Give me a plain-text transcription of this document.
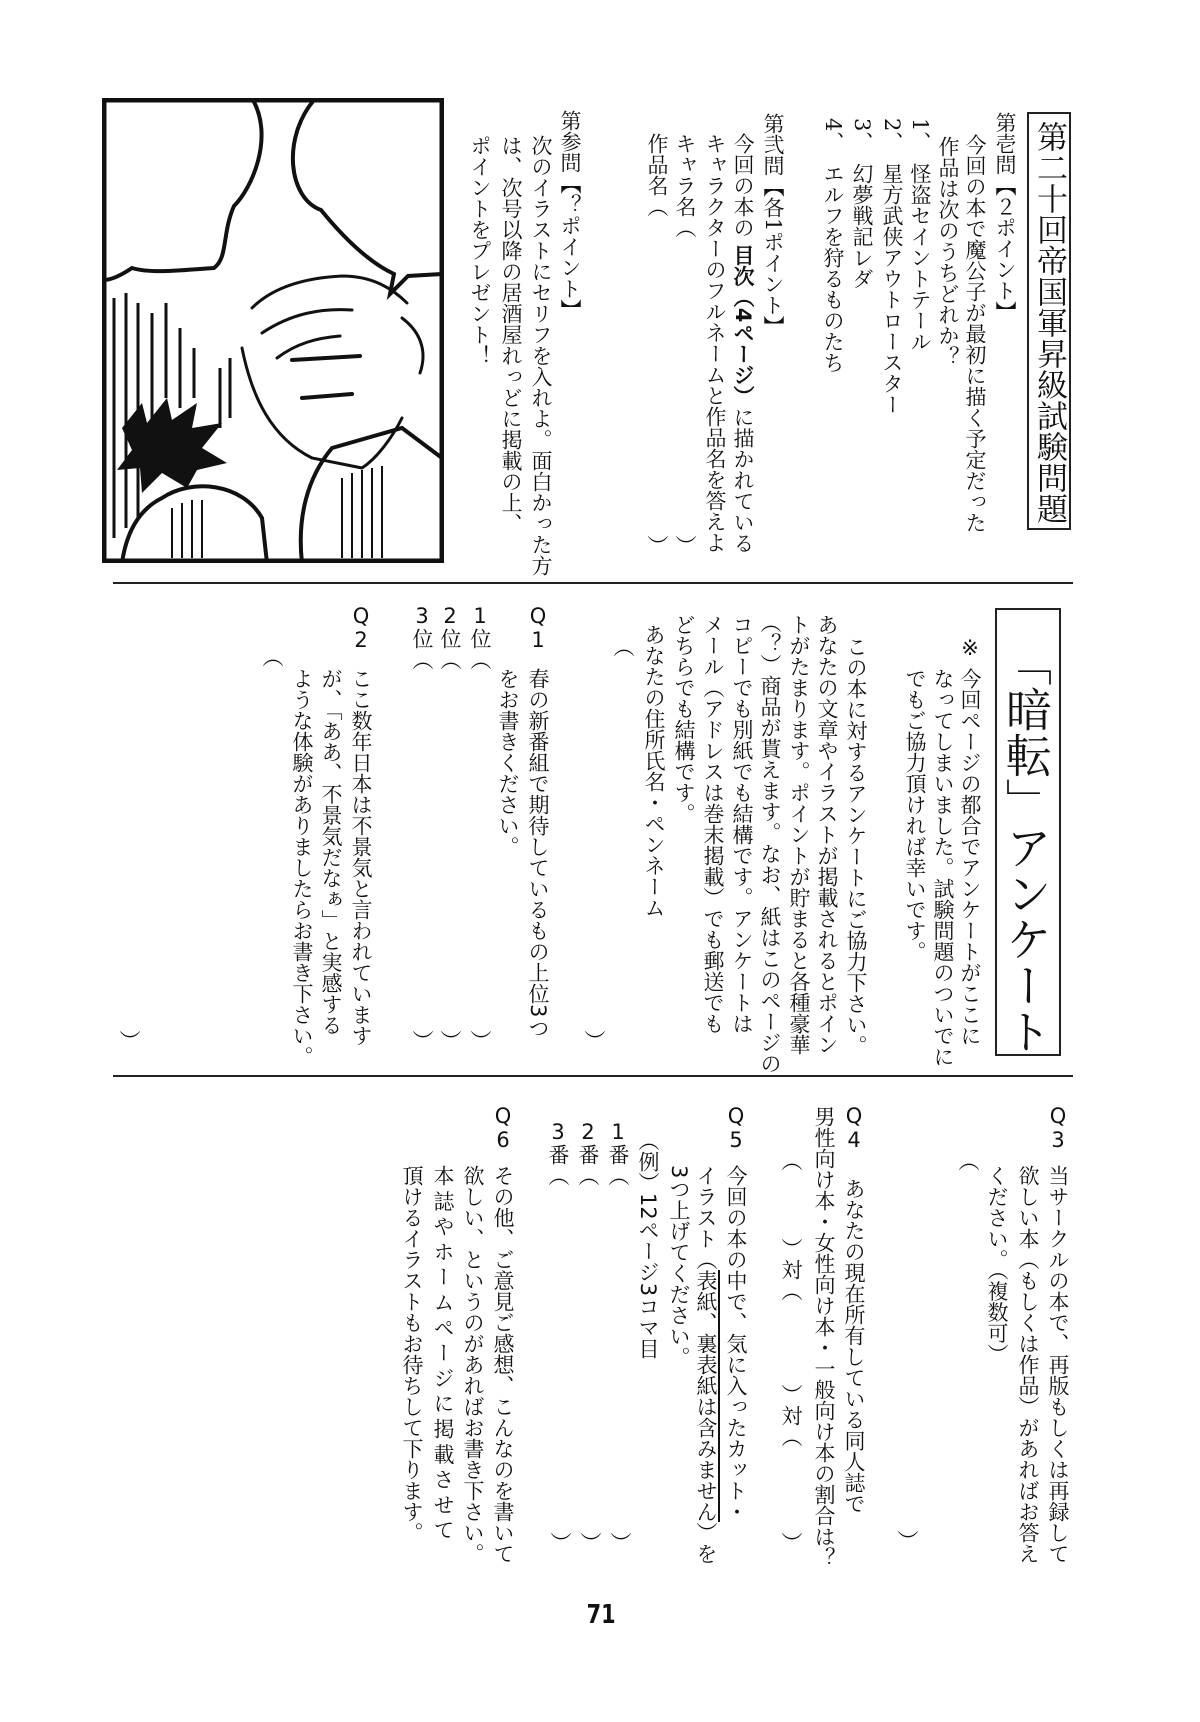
第二十回帝国軍昇級試験問題
「暗転」アンケート
71
第壱問【２ポイント】
今回の本で魔公子が最初に描く予定だった
作品は次のうちどれか？
1、　怪盗セイントテール
2、　星方武侠アウトロースター
3、　幻夢戦記レダ
4、　エルフを狩るものたち
第弐問【各1ポイント】
今回の本の 目次（4ページ）に描かれている
キャラクターのフルネームと作品名を答えよ
キャラ名（
）
作品名（
）
第参問【？ポイント】
次のイラストにセリフを入れよ。面白かった方
は、次号以降の居酒屋れっどに掲載の上、
ポイントをプレゼント！
※
今回ページの都合でアンケートがここに
なってしまいました。試験問題のついでに
でもご協力頂ければ幸いです。
この本に対するアンケートにご協力下さい。
あなたの文章やイラストが掲載されるとポイン
トがたまります。ポイントが貯まると各種豪華
（？）商品が貰えます。なお、紙はこのページの
コピーでも別紙でも結構です。アンケートは
メール（アドレスは巻末掲載）でも郵送でも
どちらでも結構です。
あなたの住所氏名・ペンネーム
（
）
Q1
春の新番組で期待しているもの上位3つ
をお書きください。
1位（
2位（
3位（
）
）
）
Q2
ここ数年日本は不景気と言われています
が、「ああ、不景気だなぁ」と実感する
ような体験がありましたらお書き下さい。
（
）
Q3
当サークルの本で、再版もしくは再録して
欲しい本（もしくは作品）があればお答え
ください。（複数可）
（
）
Q4
あなたの現在所有している同人誌で
男性向け本・女性向け本・一般向け本の割合は？
（
）対（
）対（
）
Q5
今回の本の中で、気に入ったカット・
イラスト（表紙、裏表紙は含みません）を
3つ上げてください。
（例）12ページ3コマ目
1番（
2番（
3番（
）
）
）
Q6
その他、ご意見ご感想、こんなのを書いて
欲しい、というのがあればお書き下さい。
本誌やホームページに掲載させて
頂けるイラストもお待ちして下ります。
